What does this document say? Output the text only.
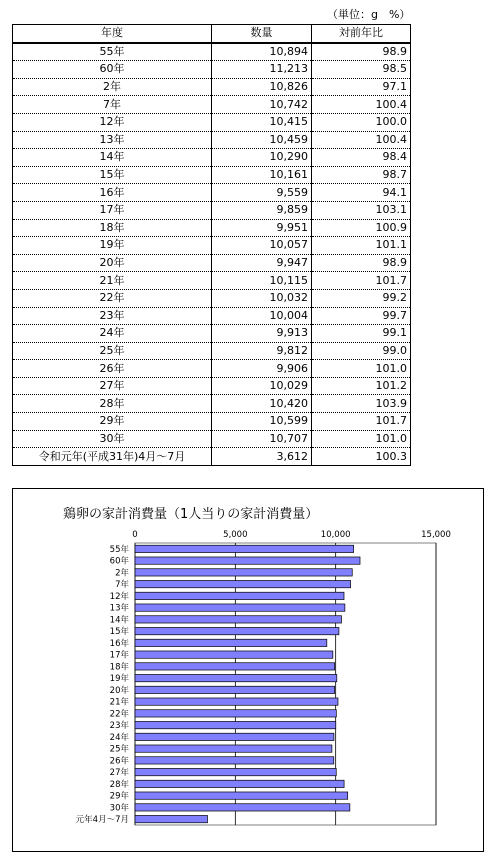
（単位：g　%）
年度	数量	対前年比
55年	10,894	98.9
60年	11,213	98.5
2年	10,826	97.1
7年	10,742	100.4
12年	10,415	100.0
13年	10,459	100.4
14年	10,290	98.4
15年	10,161	98.7
16年	9,559	94.1
17年	9,859	103.1
18年	9,951	100.9
19年	10,057	101.1
20年	9,947	98.9
21年	10,115	101.7
22年	10,032	99.2
23年	10,004	99.7
24年	9,913	99.1
25年	9,812	99.0
26年	9,906	101.0
27年	10,029	101.2
28年	10,420	103.9
29年	10,599	101.7
30年	10,707	101.0
令和元年(平成31年)4月～7月	3,612	100.3
鶏卵の家計消費量（1人当りの家計消費量）
0	5,000	10,000	15,000
55年
60年
2年
7年
12年
13年
14年
15年
16年
17年
18年
19年
20年
21年
22年
23年
24年
25年
26年
27年
28年
29年
30年
元年4月～7月
